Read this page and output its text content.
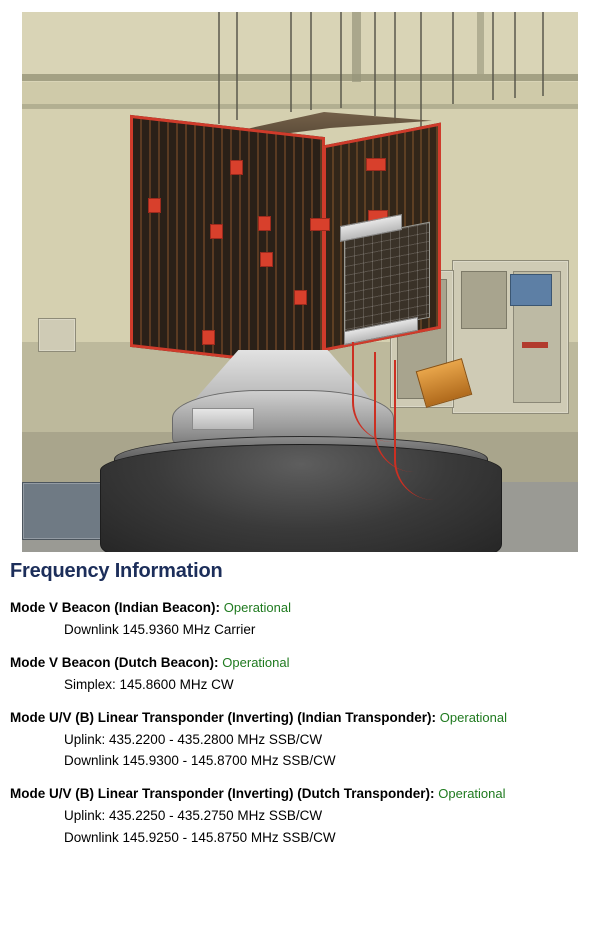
Frequency Information
Mode V Beacon (Indian Beacon): Operational
Downlink 145.9360 MHz Carrier
Mode V Beacon (Dutch Beacon): Operational
Simplex: 145.8600 MHz CW
Mode U/V (B) Linear Transponder (Inverting) (Indian Transponder): Operational
Uplink: 435.2200 - 435.2800 MHz SSB/CW
Downlink 145.9300 - 145.8700 MHz SSB/CW
Mode U/V (B) Linear Transponder (Inverting) (Dutch Transponder): Operational
Uplink: 435.2250 - 435.2750 MHz SSB/CW
Downlink 145.9250 - 145.8750 MHz SSB/CW
